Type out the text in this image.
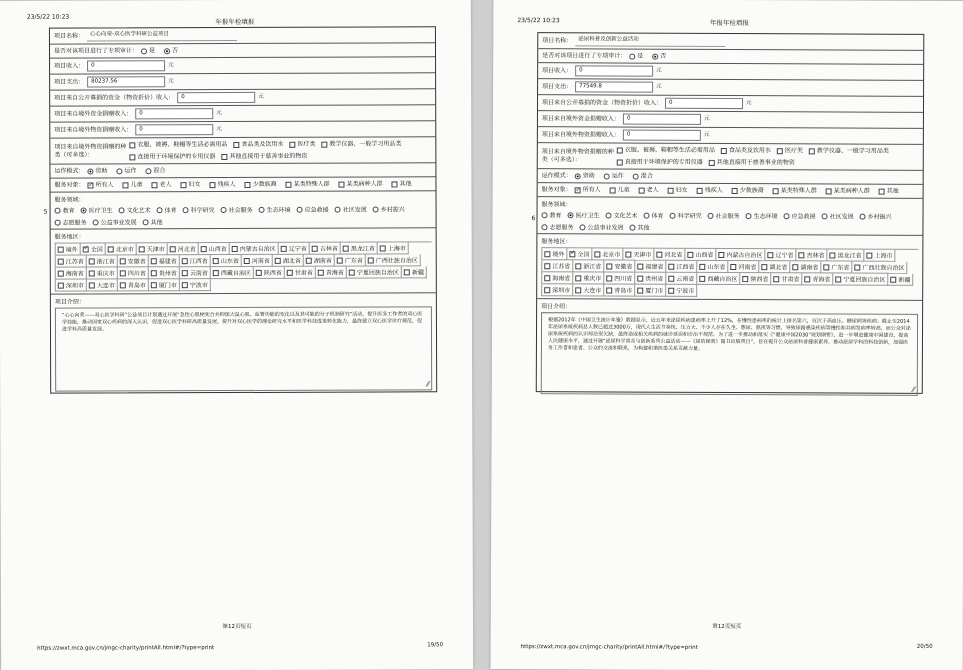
23/5/22 10:23
年报年检填报
5
项目名称：	心心向荣-双心医学科研公益项目
是否对该项目进行了专项审计： 是	否
项目收入：	0	元
项目支出：	80237.56	元
项目来自公开募捐的资金（物资折价）收入：	0	元
项目来自境外资金捐赠收入：	0	元
项目来自境外物资捐赠收入：	0	元
项目来自境外物资捐赠的种
类（可多选）：
衣服、被褥、鞋帽等生活必需用品 食品类及饮用水 医疗类 教学仪器、一般学习用品类
直接用于环境保护的专用仪器 其他直接用于慈善事业的物资
运作模式： 资助	运作	混合
服务对象： ✓ 所有人	儿童	老人	妇女	残疾人	少数族裔	某类特殊人群	某类病种人群	其他
服务领域：
教育 医疗卫生 文化艺术 体育 科学研究 社会服务 生态环境 应急救援 社区发展 乡村振兴
志愿服务 公益事业发展 其他
服务地区：
境外 ✓ 全国 北京市 天津市 河北省 山西省 内蒙古自治区 辽宁省 吉林省 黑龙江省 上海市
江苏省 浙江省 安徽省 福建省 江西省 山东省 河南省 湖北省 湖南省 广东省 广西壮族自治区
海南省 重庆市 四川省 贵州省 云南省 西藏自治区 陕西省 甘肃省 青海省 宁夏回族自治区 新疆
深圳市 大连市 青岛市 厦门市 宁波市
项目介绍：
“心心向荣——双心医学科研”公益项目计划通过开展“急性心肌梗死合并抑郁大鼠心肌、血管功能的变化以及其可能的分子机制研究”活动，提升医务工作者的双心医学技能，推动国家双心疾病的深入认识，促进双心医学科研高质量发展。提升对双心医学的理论研究水平和医学科技成果转化能力，最终建立双心医学诊疗规范，促进学科高质量发展。
⁄⁄
第12页短页
https://zwxt.mca.gov.cn/jmgc-charity/printAll.html#/?type=print	19/50
23/5/22 10:23	年报年检填报
6
项目名称：	泌尿科普及创新公益活动
是否对该项目进行了专项审计： 是	否
项目收入：	0	元
项目支出：	77549.8	元
项目来自公开募捐的资金（物资折价）收入：	0	元
项目来自境外资金捐赠收入：	0	元
项目来自境外物资捐赠收入：	0	元
项目来自境外物资捐赠的种
类（可多选）：
衣服、被褥、鞋帽等生活必需用品 食品类及饮用水 医疗类 教学仪器、一般学习用品类
直接用于环境保护的专用仪器 其他直接用于慈善事业的物资
运作模式： 资助	运作	混合
服务对象： ✓ 所有人	儿童	老人	妇女	残疾人	少数族裔	某类特殊人群	某类病种人群	其他
服务领域：
教育 医疗卫生 文化艺术 体育 科学研究 社会服务 生态环境 应急救援 社区发展 乡村振兴
志愿服务 公益事业发展 其他
服务地区：
境外 ✓ 全国 北京市 天津市 河北省 山西省 内蒙古自治区 辽宁省 吉林省 黑龙江省 上海市
江苏省 浙江省 安徽省 福建省 江西省 山东省 河南省 湖北省 湖南省 广东省 广西壮族自治区
海南省 重庆市 四川省 贵州省 云南省 西藏自治区 陕西省 甘肃省 青海省 宁夏回族自治区 新疆
深圳市 大连市 青岛市 厦门市 宁波市
项目介绍：
根据2012年《中国卫生统计年鉴》数据显示，近五年来泌尿疾病患病率上升了12%，在慢性患病率的统计上排名第六，仅次于高血压、糖尿病等疾病；截止至2014年泌尿系统疾病总人数已超过3000万，现代人生活节奏快、压力大、不少人存在久坐、憋尿、熬夜等习惯，导致尿路感染疾病等慢性和共病发病率较高，而公众对泌尿系统疾病的认识却还很欠缺，最终造成相关疾病的就诊延误和诊治不规范。为了进一步推动和落实《“健康中国2030”规划纲要》，进一步增进健康中国建设，提高人民健康水平，通过开展“泌尿科学普及与创新系列公益活动——《尿的秘密》图书出版项目”，旨在提升公众泌尿科普健康素养，推动泌尿学科的科技创新，加强医务工作者和患者、公众的交流和联系，为构建和谐医患关系贡献力量。
⁄⁄
第12页短页
https://zwxt.mca.gov.cn/jmgc-charity/printAll.html#/?type=print	20/50
